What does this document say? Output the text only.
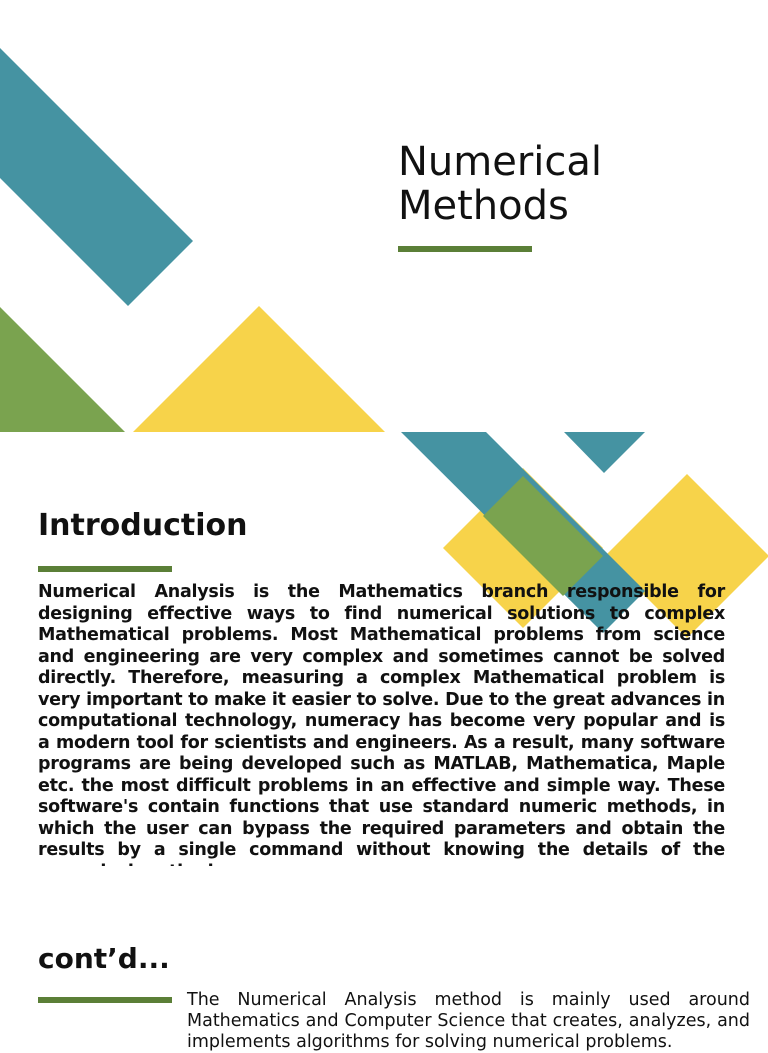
Numerical
Methods
Introduction

Numerical Analysis is the Mathematics branch responsible for designing effective ways to find numerical solutions to complex Mathematical problems. Most Mathematical problems from science and engineering are very complex and sometimes cannot be solved directly. Therefore, measuring a complex Mathematical problem is very important to make it easier to solve. Due to the great advances in computational technology, numeracy has become very popular and is a modern tool for scientists and engineers. As a result, many software programs are being developed such as MATLAB, Mathematica, Maple etc. the most difficult problems in an effective and simple way. These software's contain functions that use standard numeric methods, in which the user can bypass the required parameters and obtain the results by a single command without knowing the details of the

cont’d...

The Numerical Analysis method is mainly used around Mathematics and Computer Science that creates, analyzes, and implements algorithms for solving numerical problems.
